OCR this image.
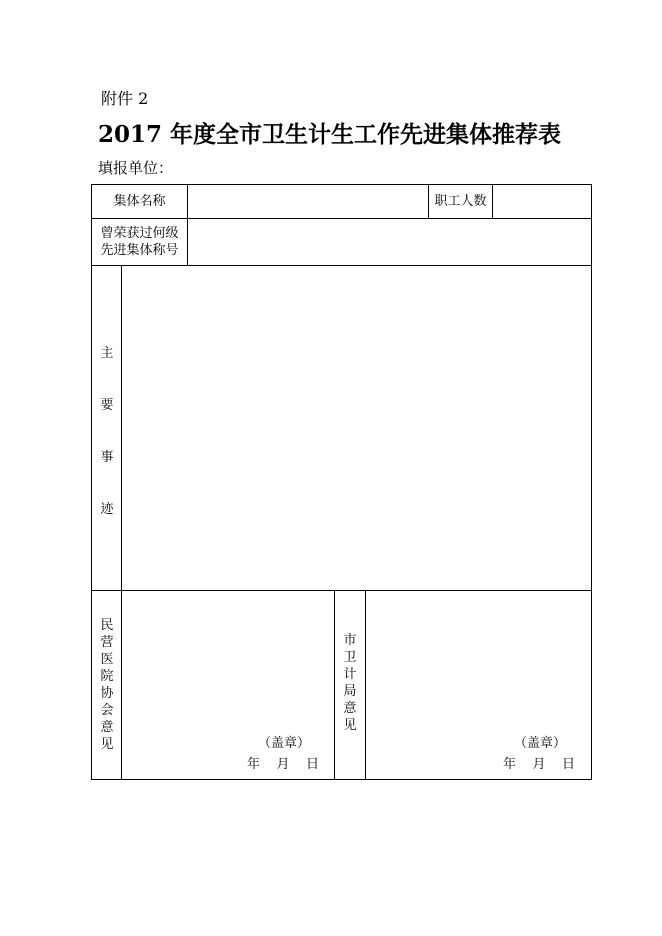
附件 2
2017 年度全市卫生计生工作先进集体推荐表
填报单位：
集体名称	职工人数
曾荣获过何级
先进集体称号
主
要
事
迹
民
营
医
院
协
会
意
见	（盖章）
年    月    日
市
卫
计
局
意
见
（盖章）
年    月    日
